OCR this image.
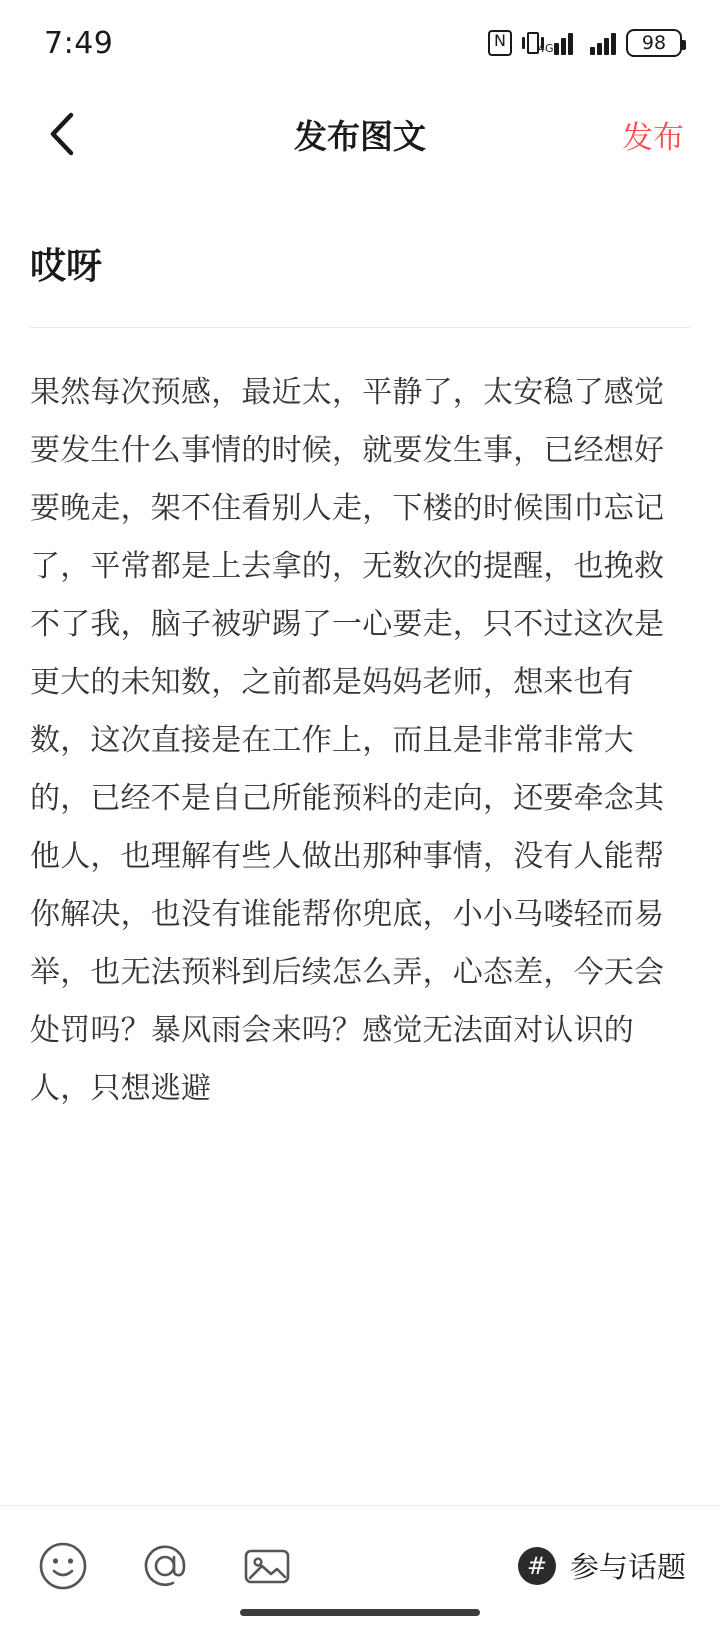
7:49 N	4G	98
发布图文	发布
哎呀
果然每次预感，最近太，平静了，太安稳了感觉要发生什么事情的时候，就要发生事，已经想好要晚走，架不住看别人走，下楼的时候围巾忘记了，平常都是上去拿的，无数次的提醒，也挽救不了我，脑子被驴踢了一心要走，只不过这次是更大的未知数，之前都是妈妈老师，想来也有数，这次直接是在工作上，而且是非常非常大的，已经不是自己所能预料的走向，还要牵念其他人，也理解有些人做出那种事情，没有人能帮你解决，也没有谁能帮你兜底，小小马喽轻而易举，也无法预料到后续怎么弄，心态差，今天会处罚吗？暴风雨会来吗？感觉无法面对认识的人，只想逃避
# 参与话题
